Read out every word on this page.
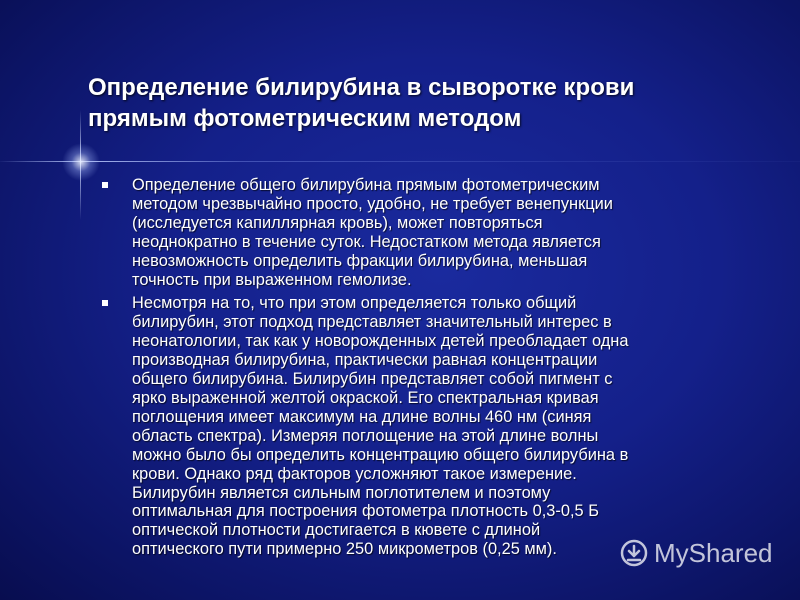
Определение билирубина в сыворотке крови
прямым фотометрическим методом
Определение общего билирубина прямым фотометрическим
методом чрезвычайно просто, удобно, не требует венепункции
(исследуется капиллярная кровь), может повторяться
неоднократно в течение суток. Недостатком метода является
невозможность определить фракции билирубина, меньшая
точность при выраженном гемолизе.
Несмотря на то, что при этом определяется только общий
билирубин, этот подход представляет значительный интерес в
неонатологии, так как у новорожденных детей преобладает одна
производная билирубина, практически равная концентрации
общего билирубина. Билирубин представляет собой пигмент с
ярко выраженной желтой окраской. Его спектральная кривая
поглощения имеет максимум на длине волны 460 нм (синяя
область спектра). Измеряя поглощение на этой длине волны
можно было бы определить концентрацию общего билирубина в
крови. Однако ряд факторов усложняют такое измерение.
Билирубин является сильным поглотителем и поэтому
оптимальная для построения фотометра плотность 0,3-0,5 Б
оптической плотности достигается в кювете с длиной
оптического пути примерно 250 микрометров (0,25 мм).	MyShared
